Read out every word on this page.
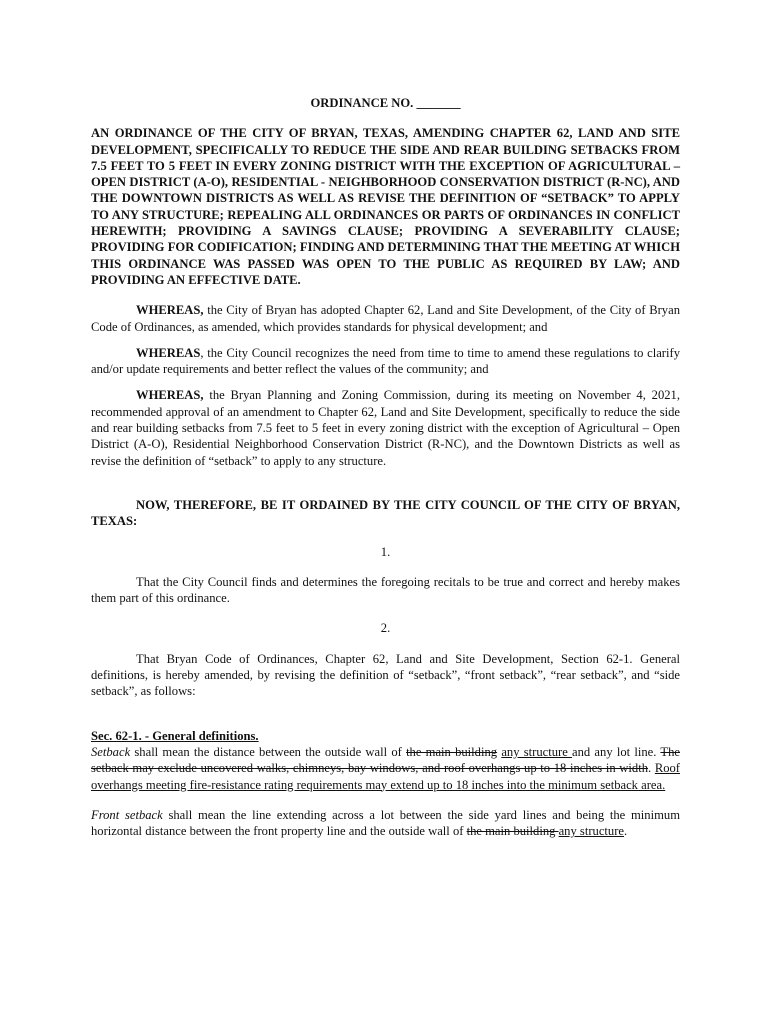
ORDINANCE NO. _______
AN ORDINANCE OF THE CITY OF BRYAN, TEXAS, AMENDING CHAPTER 62, LAND AND SITE DEVELOPMENT, SPECIFICALLY TO REDUCE THE SIDE AND REAR BUILDING SETBACKS FROM 7.5 FEET TO 5 FEET IN EVERY ZONING DISTRICT WITH THE EXCEPTION OF AGRICULTURAL – OPEN DISTRICT (A-O), RESIDENTIAL - NEIGHBORHOOD CONSERVATION DISTRICT (R-NC), AND THE DOWNTOWN DISTRICTS AS WELL AS REVISE THE DEFINITION OF “SETBACK” TO APPLY TO ANY STRUCTURE; REPEALING ALL ORDINANCES OR PARTS OF ORDINANCES IN CONFLICT HEREWITH; PROVIDING A SAVINGS CLAUSE; PROVIDING A SEVERABILITY CLAUSE; PROVIDING FOR CODIFICATION; FINDING AND DETERMINING THAT THE MEETING AT WHICH THIS ORDINANCE WAS PASSED WAS OPEN TO THE PUBLIC AS REQUIRED BY LAW; AND PROVIDING AN EFFECTIVE DATE.

WHEREAS, the City of Bryan has adopted Chapter 62, Land and Site Development, of the City of Bryan Code of Ordinances, as amended, which provides standards for physical development; and

WHEREAS, the City Council recognizes the need from time to time to amend these regulations to clarify and/or update requirements and better reflect the values of the community; and

WHEREAS, the Bryan Planning and Zoning Commission, during its meeting on November 4, 2021, recommended approval of an amendment to Chapter 62, Land and Site Development, specifically to reduce the side and rear building setbacks from 7.5 feet to 5 feet in every zoning district with the exception of Agricultural – Open District (A-O), Residential Neighborhood Conservation District (R-NC), and the Downtown Districts as well as revise the definition of “setback” to apply to any structure.

NOW, THEREFORE, BE IT ORDAINED BY THE CITY COUNCIL OF THE CITY OF BRYAN, TEXAS:

1.

That the City Council finds and determines the foregoing recitals to be true and correct and hereby makes them part of this ordinance.

2.

That Bryan Code of Ordinances, Chapter 62, Land and Site Development, Section 62-1. General definitions, is hereby amended, by revising the definition of “setback”, “front setback”, “rear setback”, and “side setback”, as follows:

Sec. 62-1. - General definitions.

Setback shall mean the distance between the outside wall of the main building any structure and any lot line. The setback may exclude uncovered walks, chimneys, bay windows, and roof overhangs up to 18 inches in width. Roof overhangs meeting fire-resistance rating requirements may extend up to 18 inches into the minimum setback area.

Front setback shall mean the line extending across a lot between the side yard lines and being the minimum horizontal distance between the front property line and the outside wall of the main building any structure.
